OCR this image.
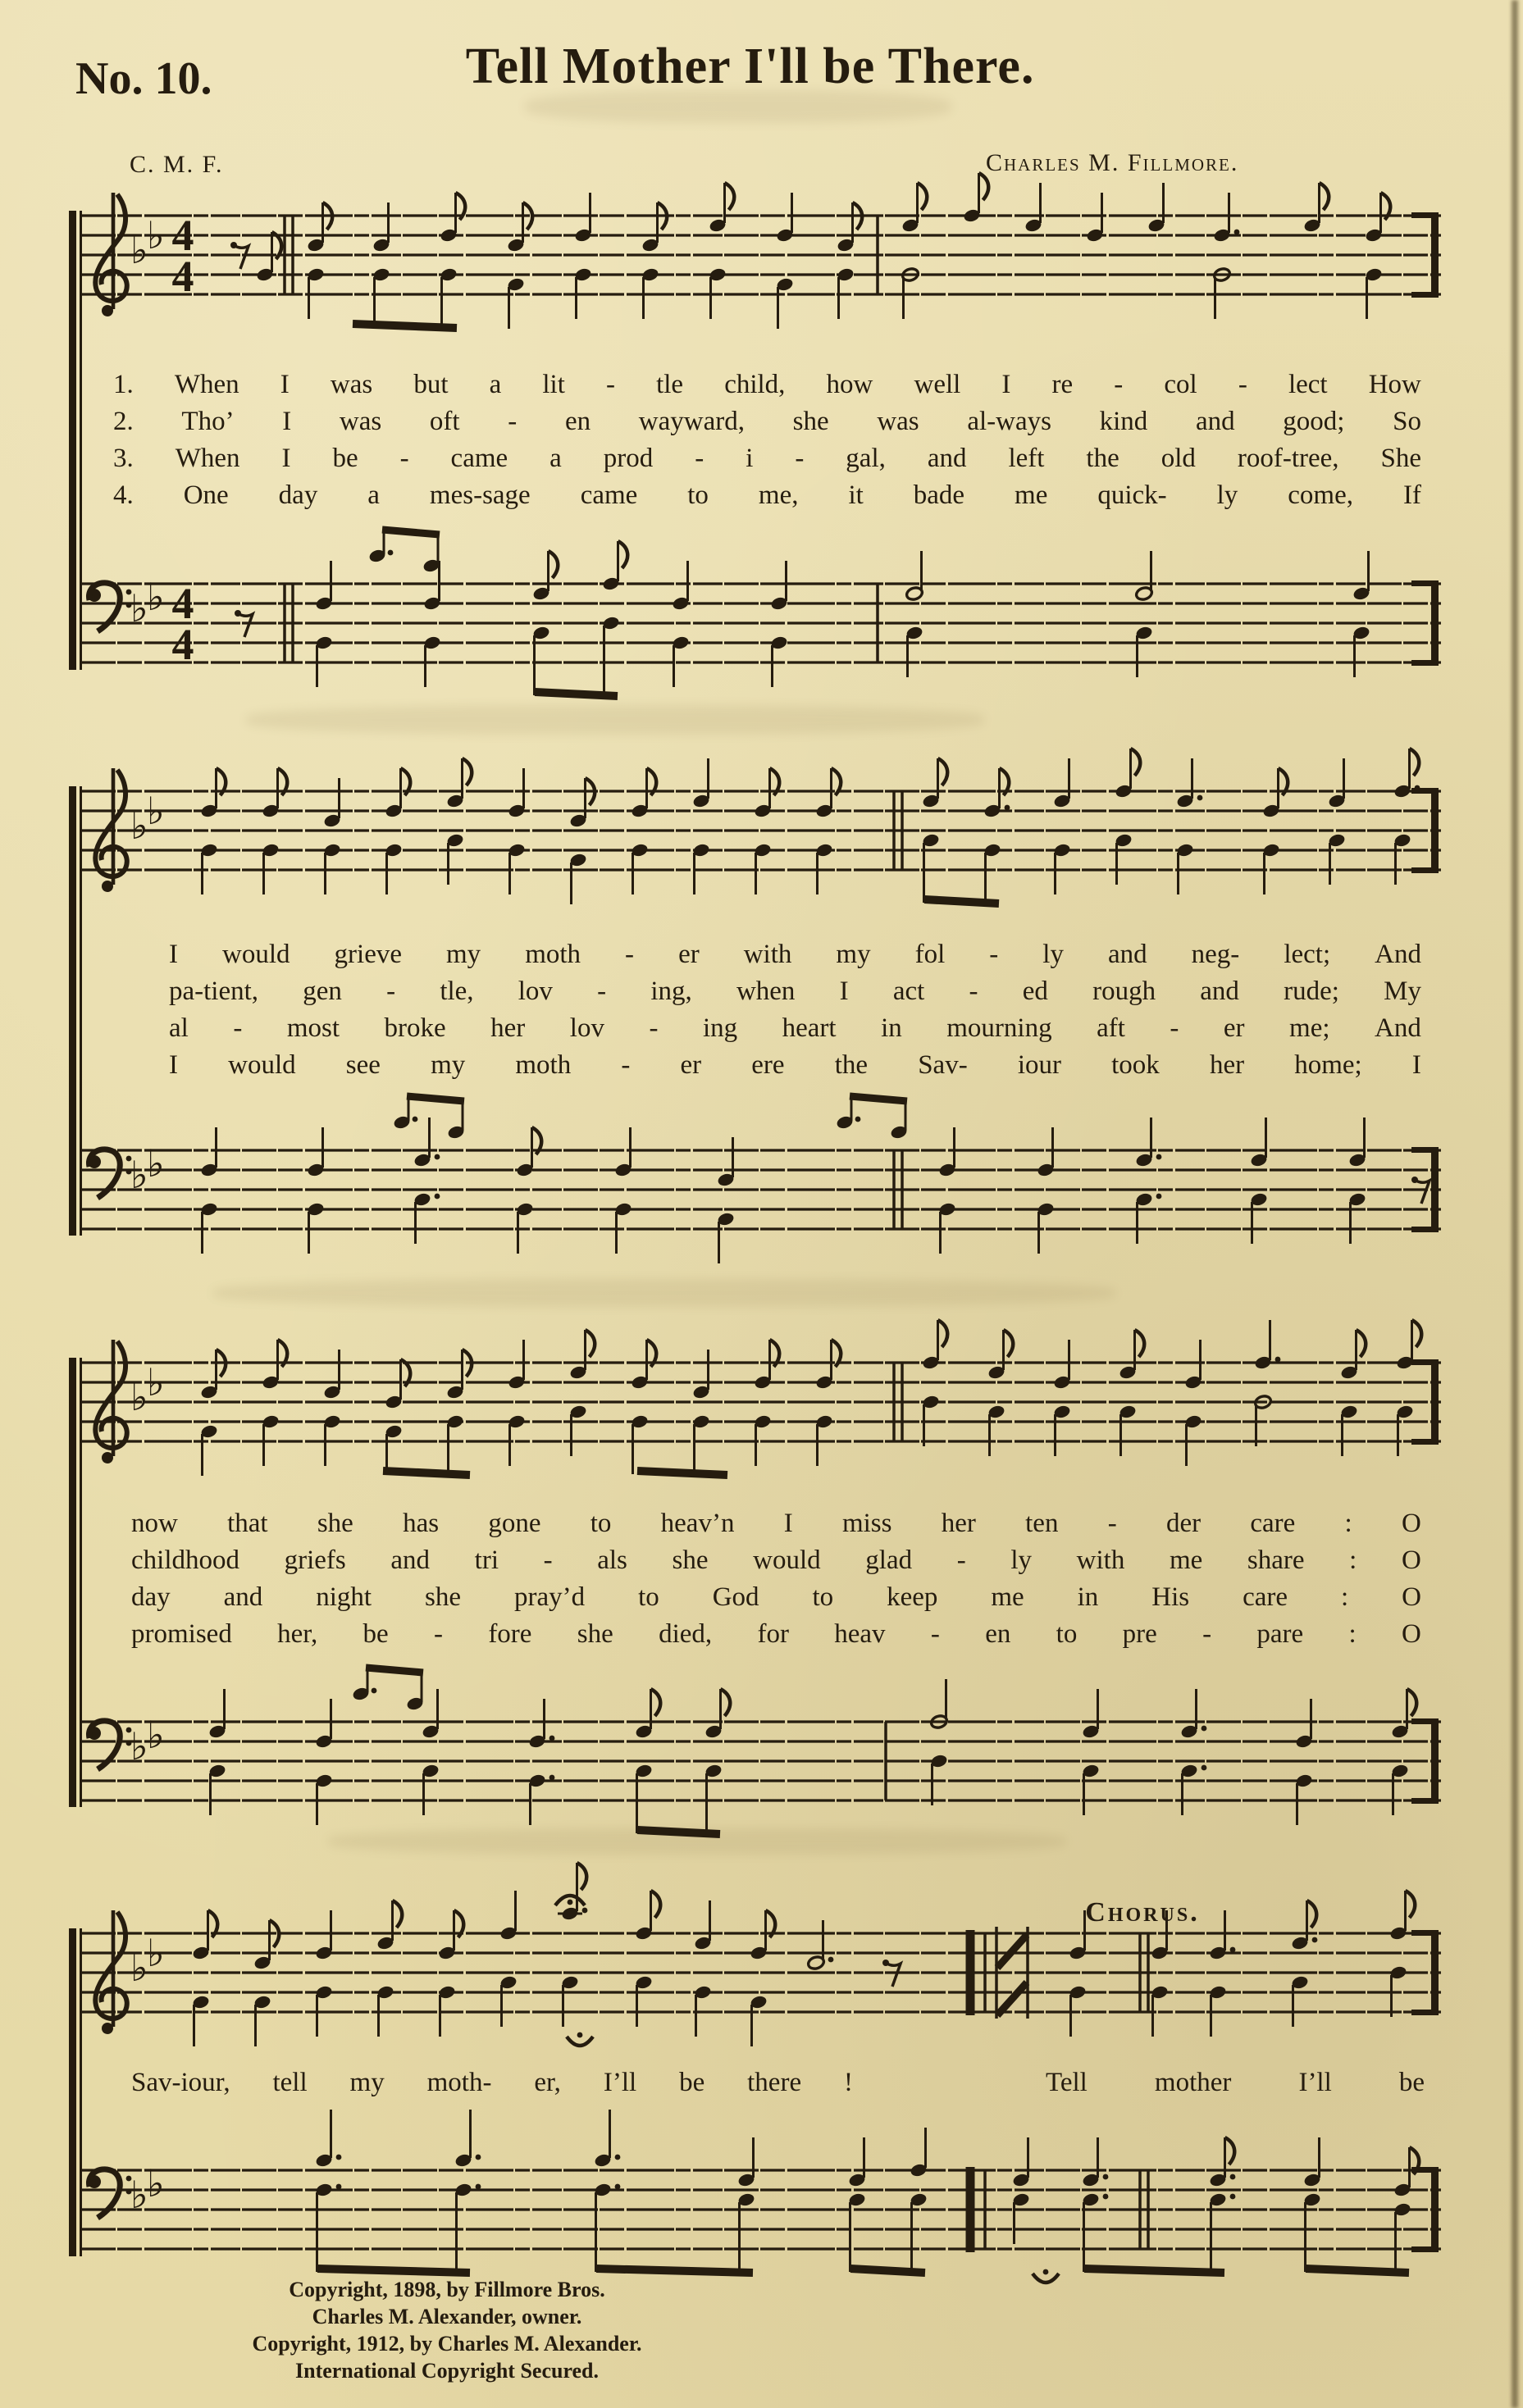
No. 10.	Tell Mother I'll be There.
C. M. F.	Charles M. Fillmore.
♭
♭ 4
4
♭
♭ 4
4
♭
♭
♭
♭
♭
♭
♭
♭
♭
♭
♭
♭
1. When I was but a lit - tle child, how well I re - col - lect How
2. Tho’ I was oft - en wayward, she was al-ways kind and good; So
3. When I be - came a prod - i - gal, and left the old roof-tree, She
4. One day a mes-sage came to me, it bade me quick- ly come, If
I would grieve my moth - er with my fol - ly and neg- lect; And
pa-tient, gen - tle, lov - ing, when I act - ed rough and rude; My
al - most broke her lov - ing heart in mourning aft - er me; And
I would see my moth - er ere the Sav- iour took her home; I
now that she has gone to heav’n I miss her ten - der care : O
childhood griefs and tri - als she would glad - ly with me share : O
day and night she pray’d to God to keep me in His care : O
promised her, be - fore she died, for heav - en to pre - pare : O
Chorus.
Sav-iour, tell my moth- er, I’ll be there !	Tell mother I’ll be
Copyright, 1898, by Fillmore Bros.
Charles M. Alexander, owner.
Copyright, 1912, by Charles M. Alexander.
International Copyright Secured.
